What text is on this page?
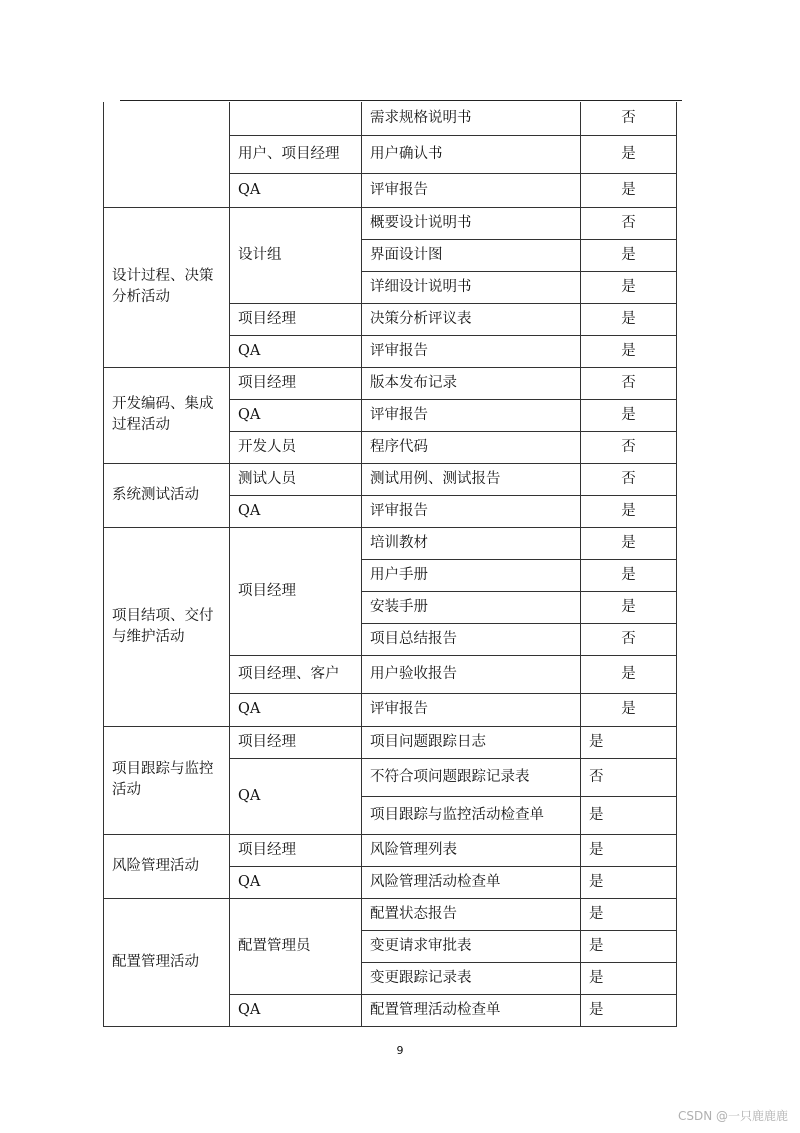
		需求规格说明书	否
	用户、项目经理	用户确认书	是
	QA	评审报告	是
设计过程、决策分析活动	设计组	概要设计说明书	否
		界面设计图	是
		详细设计说明书	是
	项目经理	决策分析评议表	是
	QA	评审报告	是
开发编码、集成过程活动	项目经理	版本发布记录	否
	QA	评审报告	是
	开发人员	程序代码	否
系统测试活动	测试人员	测试用例、测试报告	否
	QA	评审报告	是
项目结项、交付与维护活动	项目经理	培训教材	是
		用户手册	是
		安装手册	是
		项目总结报告	否
	项目经理、客户	用户验收报告	是
	QA	评审报告	是
项目跟踪与监控活动	项目经理	项目问题跟踪日志	是
	QA	不符合项问题跟踪记录表	否
		项目跟踪与监控活动检查单	是
风险管理活动	项目经理	风险管理列表	是
	QA	风险管理活动检查单	是
配置管理活动	配置管理员	配置状态报告	是
		变更请求审批表	是
		变更跟踪记录表	是
	QA	配置管理活动检查单	是
9
CSDN @一只鹿鹿鹿
